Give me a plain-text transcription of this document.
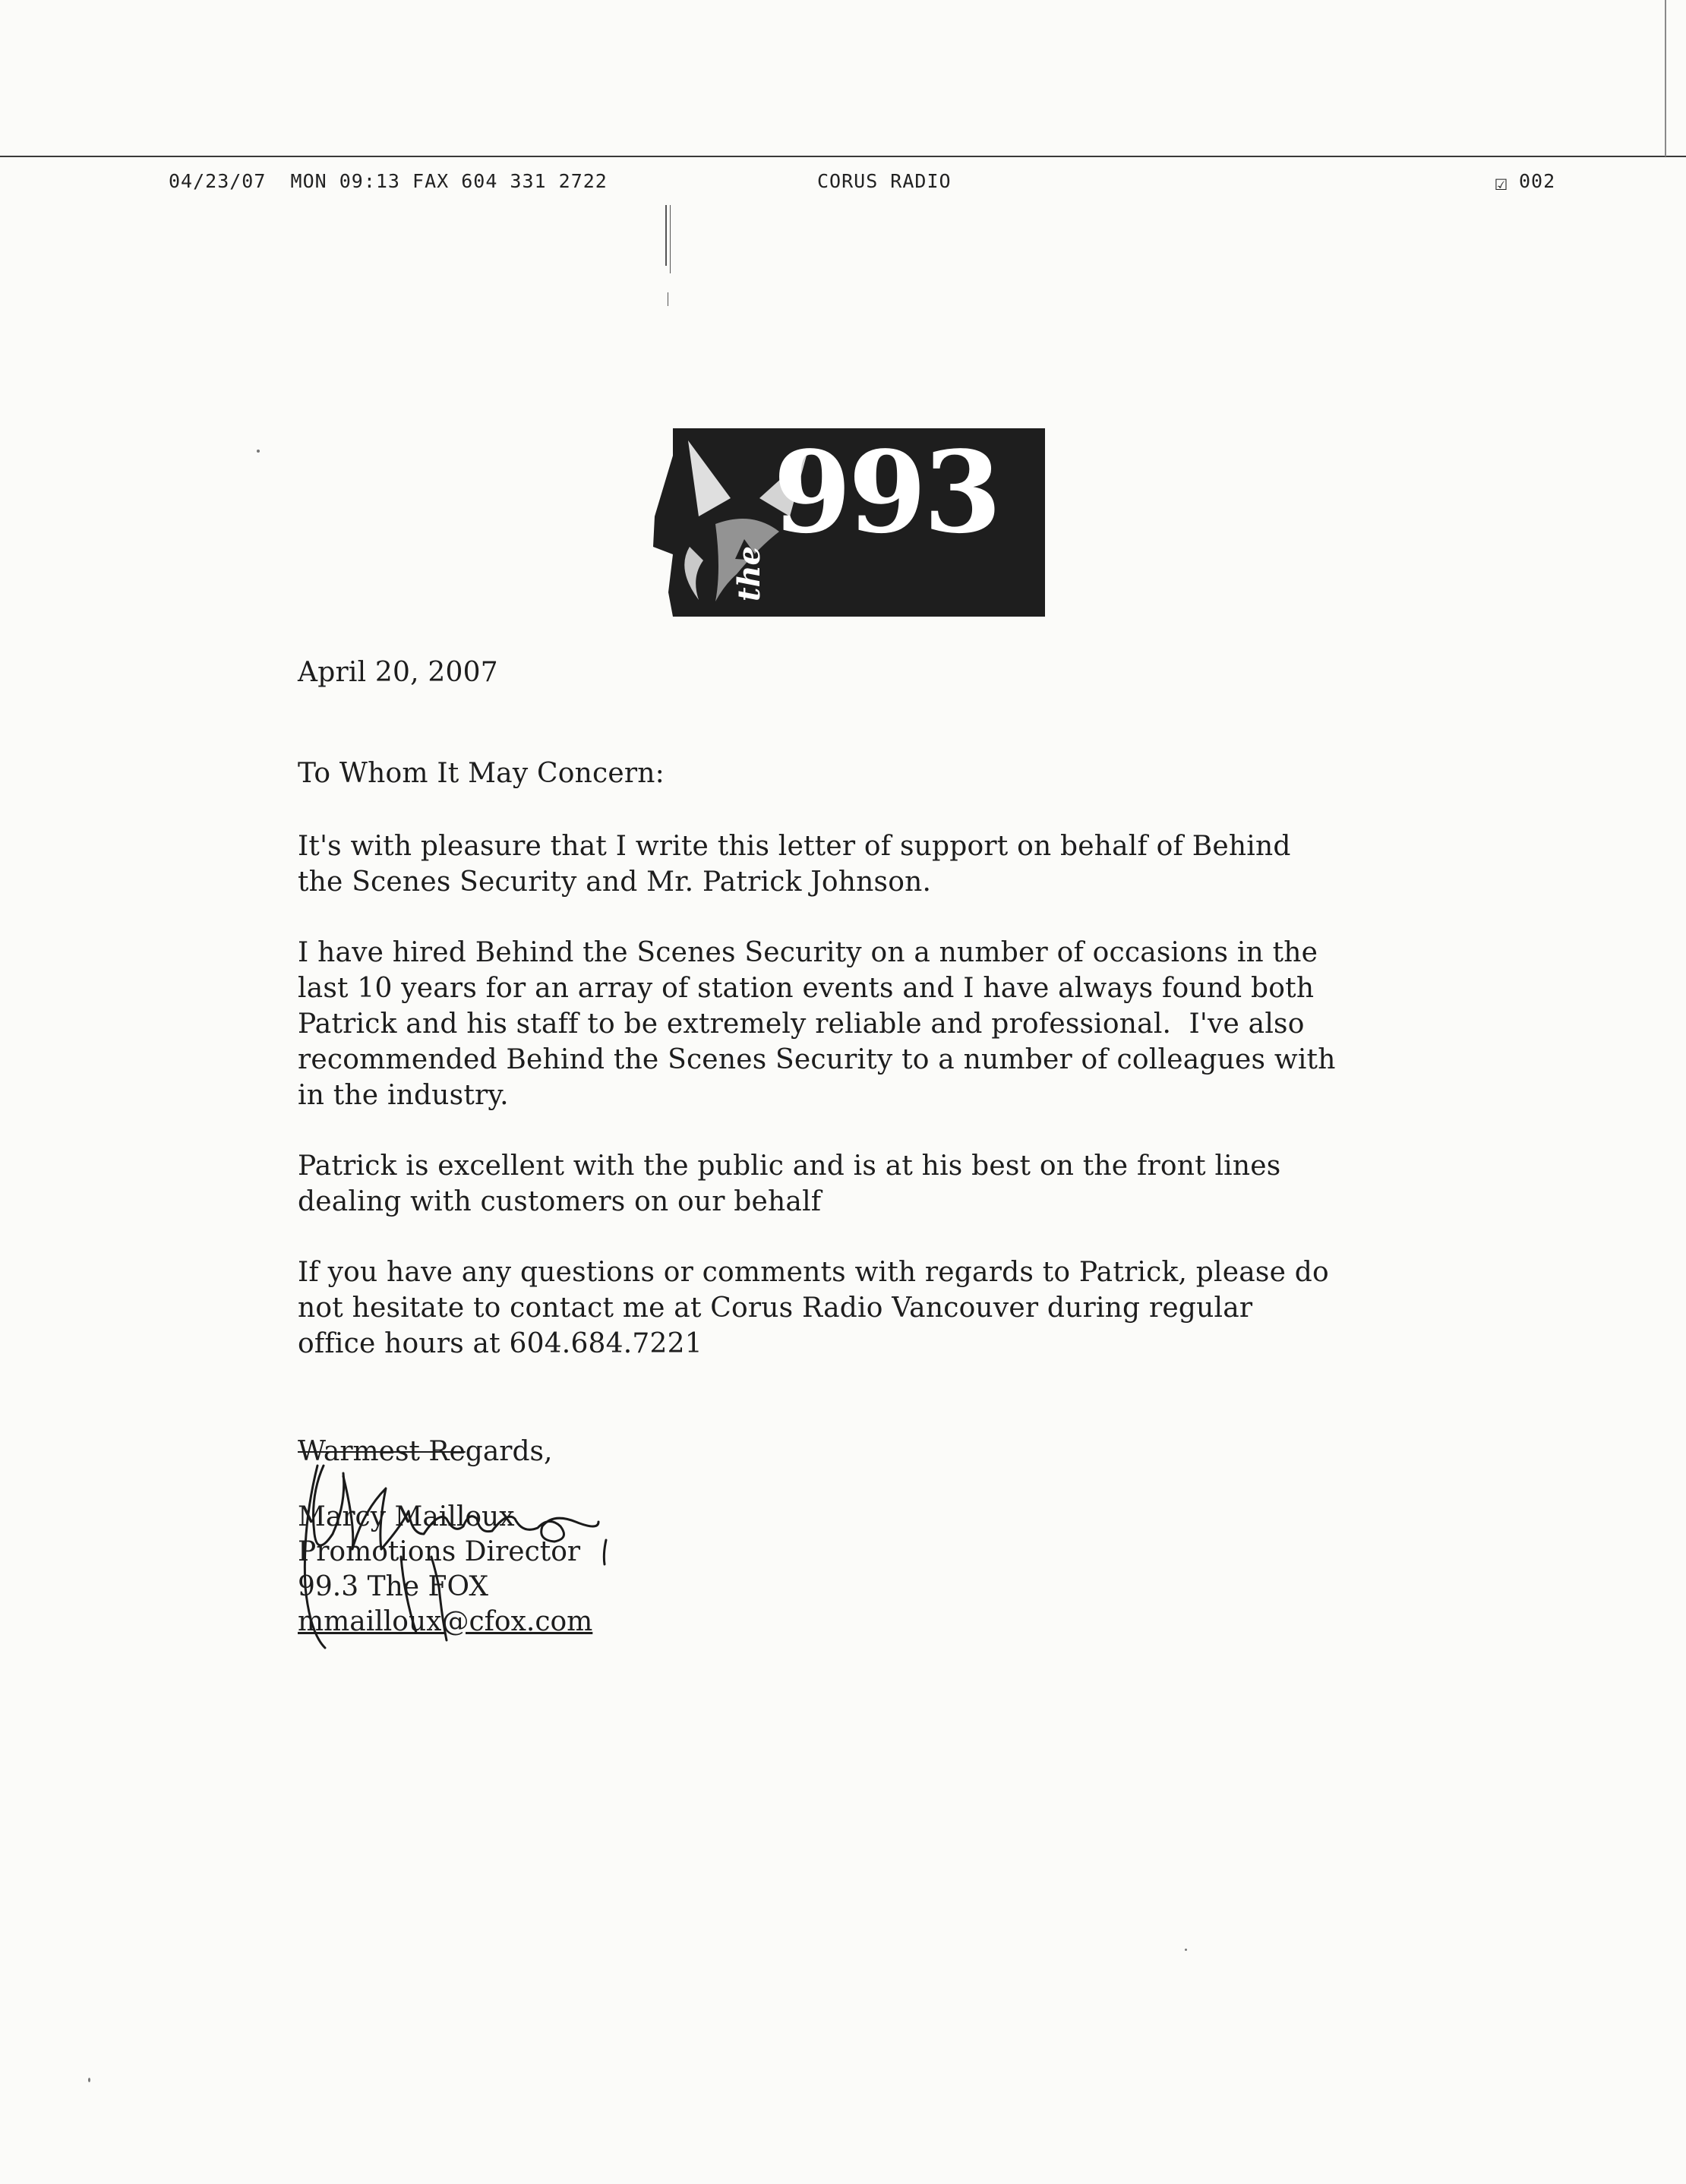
04/23/07  MON 09:13 FAX 604 331 2722	CORUS RADIO	☑ 002
993
the
April 20, 2007
To Whom It May Concern:
It's with pleasure that I write this letter of support on behalf of Behind
the Scenes Security and Mr. Patrick Johnson.
I have hired Behind the Scenes Security on a number of occasions in the
last 10 years for an array of station events and I have always found both
Patrick and his staff to be extremely reliable and professional.  I've also
recommended Behind the Scenes Security to a number of colleagues with
in the industry.
Patrick is excellent with the public and is at his best on the front lines
dealing with customers on our behalf
If you have any questions or comments with regards to Patrick, please do
not hesitate to contact me at Corus Radio Vancouver during regular
office hours at 604.684.7221
Warmest Regards,
Marcy Mailloux
Promotions Director
99.3 The FOX
mmailloux@cfox.com
